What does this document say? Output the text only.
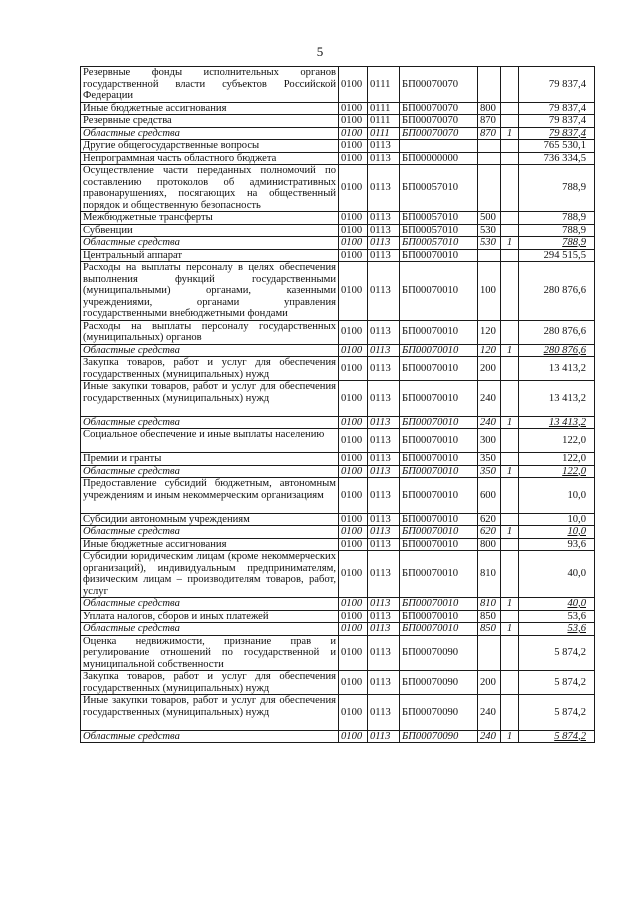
5
Резервные фонды исполнительных органов государственной власти субъектов Российской Федерации	0100	0111	БП00070070			79 837,4
Иные бюджетные ассигнования	0100	0111	БП00070070	800		79 837,4
Резервные средства	0100	0111	БП00070070	870		79 837,4
Областные средства	0100	0111	БП00070070	870	1	79 837,4
Другие общегосударственные вопросы	0100	0113				765 530,1
Непрограммная часть областного бюджета	0100	0113	БП00000000			736 334,5
Осуществление части переданных полномочий по составлению протоколов об административных правонарушениях, посягающих на общественный порядок и общественную безопасность	0100	0113	БП00057010			788,9
Межбюджетные трансферты	0100	0113	БП00057010	500		788,9
Субвенции	0100	0113	БП00057010	530		788,9
Областные средства	0100	0113	БП00057010	530	1	788,9
Центральный аппарат	0100	0113	БП00070010			294 515,5
Расходы на выплаты персоналу в целях обеспечения выполнения функций государственными (муниципальными) органами, казенными учреждениями, органами управления государственными внебюджетными фондами	0100	0113	БП00070010	100		280 876,6
Расходы на выплаты персоналу государственных (муниципальных) органов	0100	0113	БП00070010	120		280 876,6
Областные средства	0100	0113	БП00070010	120	1	280 876,6
Закупка товаров, работ и услуг для обеспечения государственных (муниципальных) нужд	0100	0113	БП00070010	200		13 413,2
Иные закупки товаров, работ и услуг для обеспечения государственных (муниципальных) нужд	0100	0113	БП00070010	240		13 413,2
Областные средства	0100	0113	БП00070010	240	1	13 413,2
Социальное обеспечение и иные выплаты населению	0100	0113	БП00070010	300		122,0
Премии и гранты	0100	0113	БП00070010	350		122,0
Областные средства	0100	0113	БП00070010	350	1	122,0
Предоставление субсидий бюджетным, автономным учреждениям и иным некоммерческим организациям	0100	0113	БП00070010	600		10,0
Субсидии автономным учреждениям	0100	0113	БП00070010	620		10,0
Областные средства	0100	0113	БП00070010	620	1	10,0
Иные бюджетные ассигнования	0100	0113	БП00070010	800		93,6
Субсидии юридическим лицам (кроме некоммерческих организаций), индивидуальным предпринимателям, физическим лицам – производителям товаров, работ, услуг	0100	0113	БП00070010	810		40,0
Областные средства	0100	0113	БП00070010	810	1	40,0
Уплата налогов, сборов и иных платежей	0100	0113	БП00070010	850		53,6
Областные средства	0100	0113	БП00070010	850	1	53,6
Оценка недвижимости, признание прав и регулирование отношений по государственной и муниципальной собственности	0100	0113	БП00070090			5 874,2
Закупка товаров, работ и услуг для обеспечения государственных (муниципальных) нужд	0100	0113	БП00070090	200		5 874,2
Иные закупки товаров, работ и услуг для обеспечения государственных (муниципальных) нужд	0100	0113	БП00070090	240		5 874,2
Областные средства	0100	0113	БП00070090	240	1	5 874,2
